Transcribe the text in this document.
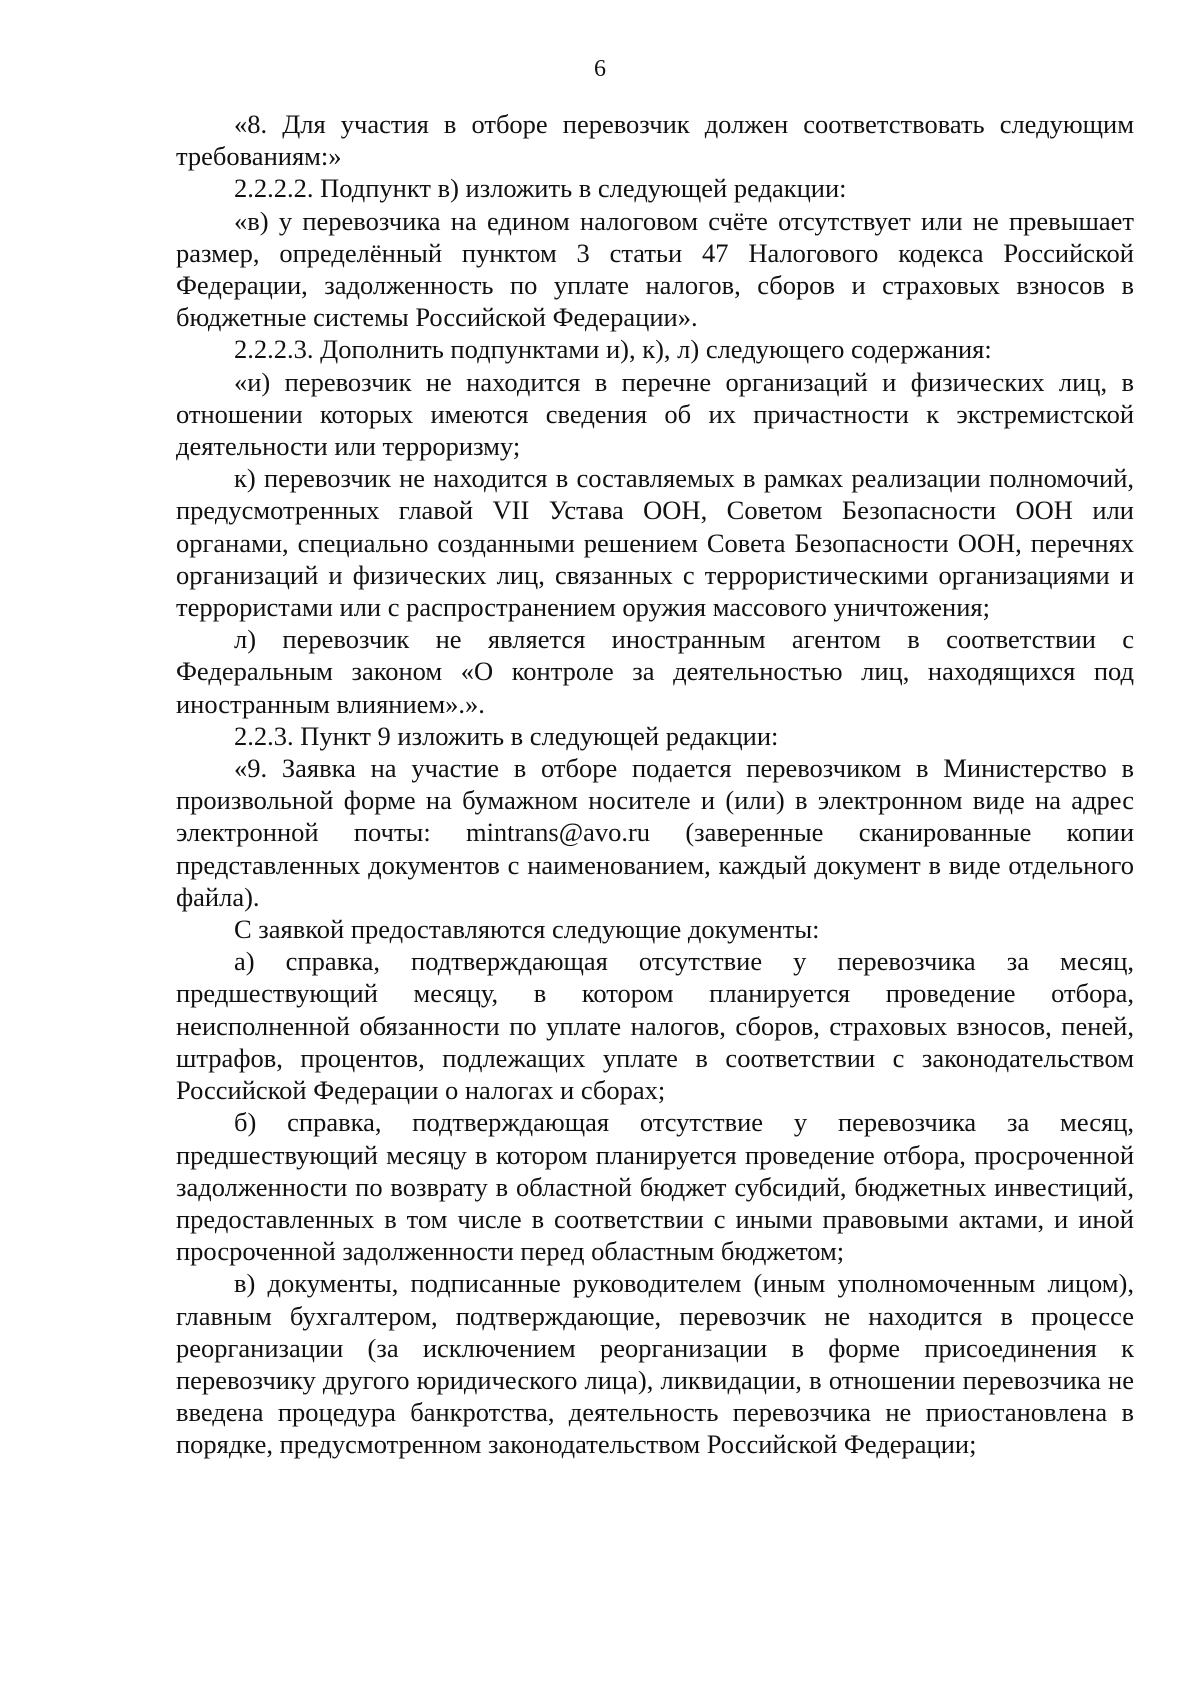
6

«8. Для участия в отборе перевозчик должен соответствовать следующим требованиям:»

2.2.2.2. Подпункт в) изложить в следующей редакции:

«в) у перевозчика на едином налоговом счёте отсутствует или не превышает размер, определённый пунктом 3 статьи 47 Налогового кодекса Российской Федерации, задолженность по уплате налогов, сборов и страховых взносов в бюджетные системы Российской Федерации».

2.2.2.3. Дополнить подпунктами и), к), л) следующего содержания:

«и) перевозчик не находится в перечне организаций и физических лиц, в отношении которых имеются сведения об их причастности к экстремистской деятельности или терроризму;

к) перевозчик не находится в составляемых в рамках реализации полномочий, предусмотренных главой VII Устава ООН, Советом Безопасности ООН или органами, специально созданными решением Совета Безопасности ООН, перечнях организаций и физических лиц, связанных с террористическими организациями и террористами или с распространением оружия массового уничтожения;

л) перевозчик не является иностранным агентом в соответствии с Федеральным законом «О контроле за деятельностью лиц, находящихся под иностранным влиянием».».

2.2.3. Пункт 9 изложить в следующей редакции:

«9. Заявка на участие в отборе подается перевозчиком в Министерство в произвольной форме на бумажном носителе и (или) в электронном виде на адрес электронной почты: mintrans@avo.ru (заверенные сканированные копии представленных документов с наименованием, каждый документ в виде отдельного файла).

С заявкой предоставляются следующие документы:

а) справка, подтверждающая отсутствие у перевозчика за месяц, предшествующий месяцу, в котором планируется проведение отбора, неисполненной обязанности по уплате налогов, сборов, страховых взносов, пеней, штрафов, процентов, подлежащих уплате в соответствии с законодательством Российской Федерации о налогах и сборах;

б) справка, подтверждающая отсутствие у перевозчика за месяц, предшествующий месяцу в котором планируется проведение отбора, просроченной задолженности по возврату в областной бюджет субсидий, бюджетных инвестиций, предоставленных в том числе в соответствии с иными правовыми актами, и иной просроченной задолженности перед областным бюджетом;

в) документы, подписанные руководителем (иным уполномоченным лицом), главным бухгалтером, подтверждающие, перевозчик не находится в процессе реорганизации (за исключением реорганизации в форме присоединения к перевозчику другого юридического лица), ликвидации, в отношении перевозчика не введена процедура банкротства, деятельность перевозчика не приостановлена в порядке, предусмотренном законодательством Российской Федерации;
